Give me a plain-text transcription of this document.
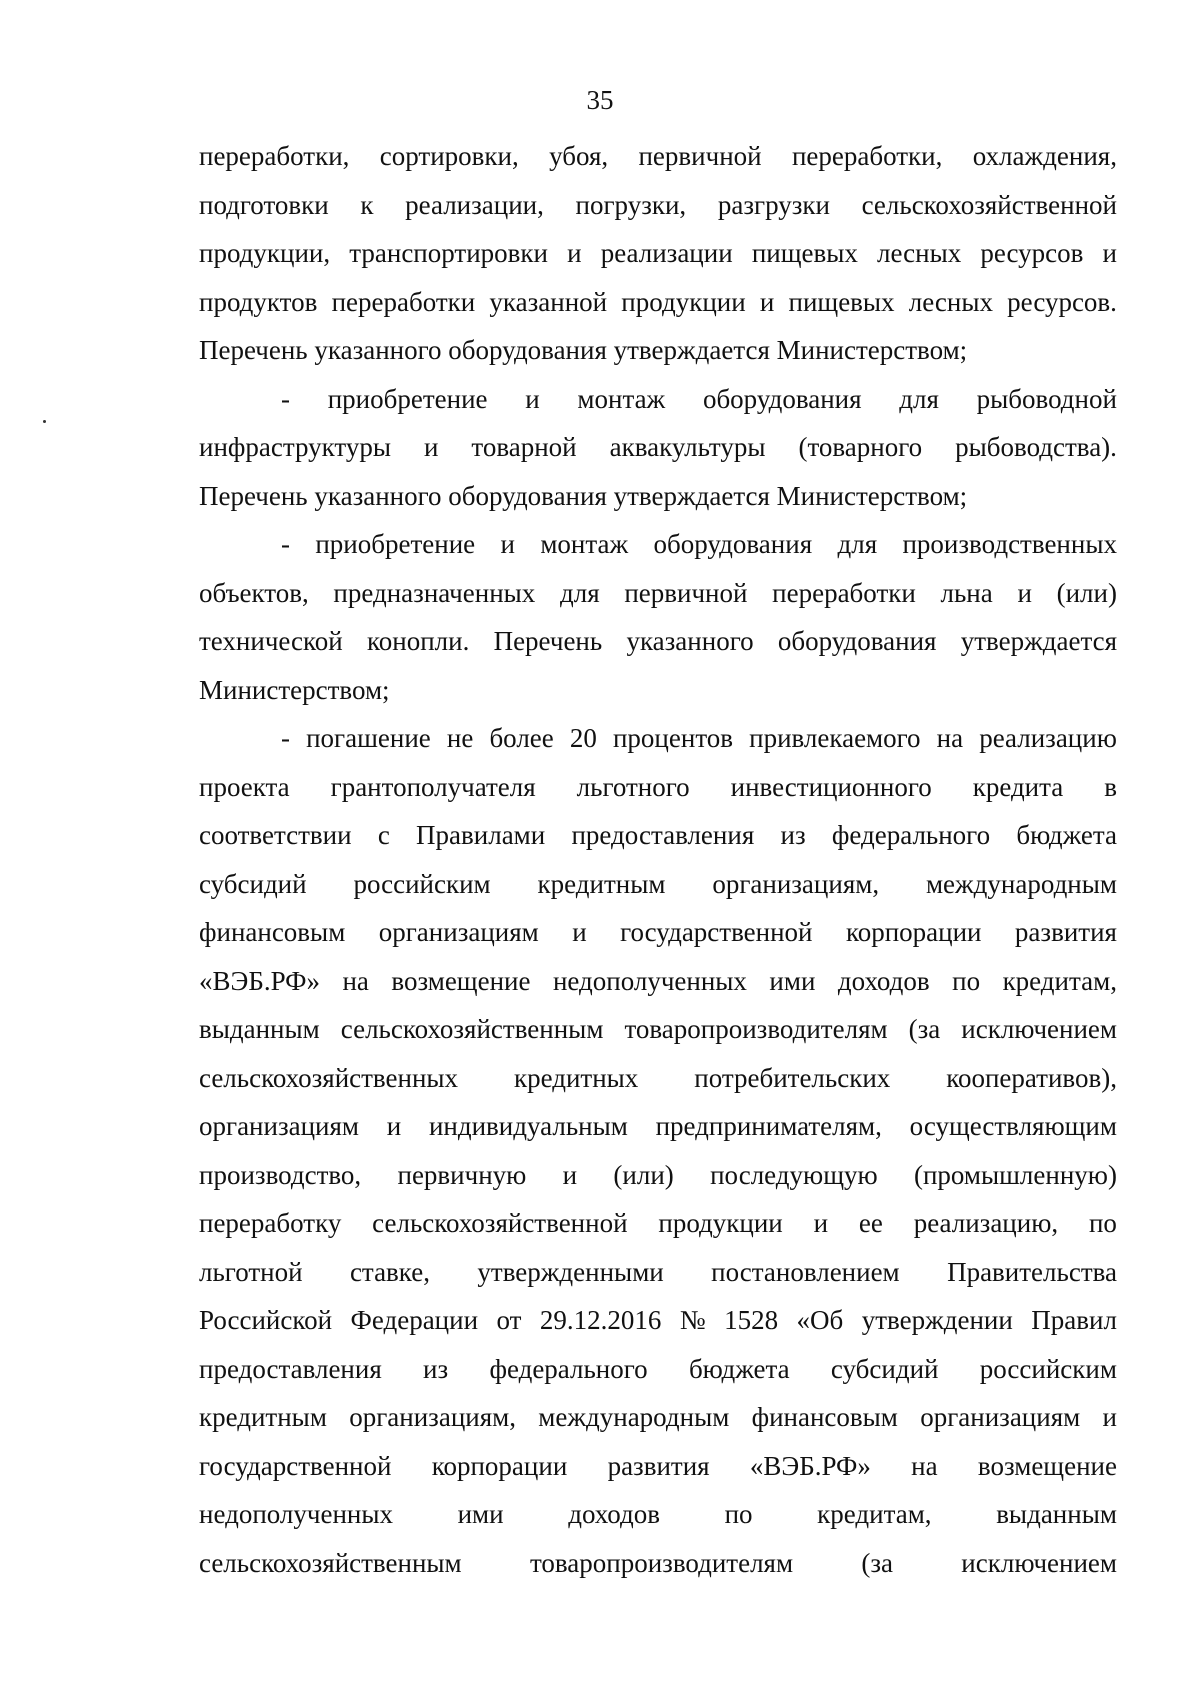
35
переработки, сортировки, убоя, первичной переработки, охлаждения,
подготовки к реализации, погрузки, разгрузки сельскохозяйственной
продукции, транспортировки и реализации пищевых лесных ресурсов и
продуктов переработки указанной продукции и пищевых лесных ресурсов.
Перечень указанного оборудования утверждается Министерством;
- приобретение и монтаж оборудования для рыбоводной
инфраструктуры и товарной аквакультуры (товарного рыбоводства).
Перечень указанного оборудования утверждается Министерством;
- приобретение и монтаж оборудования для производственных
объектов, предназначенных для первичной переработки льна и (или)
технической конопли. Перечень указанного оборудования утверждается
Министерством;
- погашение не более 20 процентов привлекаемого на реализацию
проекта грантополучателя льготного инвестиционного кредита в
соответствии с Правилами предоставления из федерального бюджета
субсидий российским кредитным организациям, международным
финансовым организациям и государственной корпорации развития
«ВЭБ.РФ» на возмещение недополученных ими доходов по кредитам,
выданным сельскохозяйственным товаропроизводителям (за исключением
сельскохозяйственных кредитных потребительских кооперативов),
организациям и индивидуальным предпринимателям, осуществляющим
производство, первичную и (или) последующую (промышленную)
переработку сельскохозяйственной продукции и ее реализацию, по
льготной ставке, утвержденными постановлением Правительства
Российской Федерации от 29.12.2016 № 1528 «Об утверждении Правил
предоставления из федерального бюджета субсидий российским
кредитным организациям, международным финансовым организациям и
государственной корпорации развития «ВЭБ.РФ» на возмещение
недополученных ими доходов по кредитам, выданным
сельскохозяйственным	товаропроизводителям	(за	исключением
